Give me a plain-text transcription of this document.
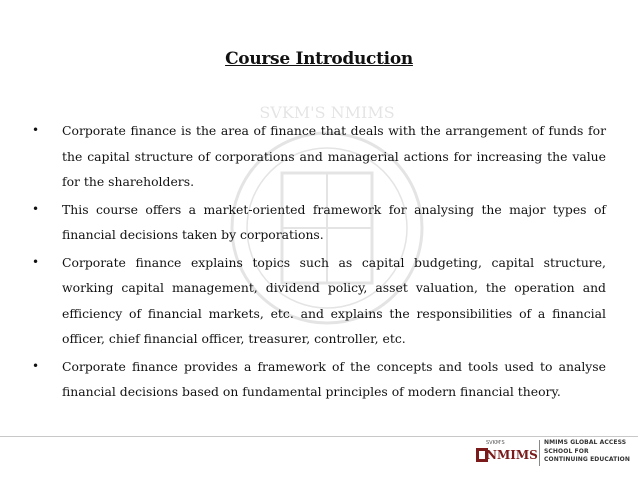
SVKM'S NMIMS
Course Introduction
• Corporate finance is the area of finance that deals with the arrangement of funds for the capital structure of corporations and managerial actions for increasing the value for the shareholders.
• This course offers a market-oriented framework for analysing the major types of financial decisions taken by corporations.
• Corporate finance explains topics such as capital budgeting, capital structure, working capital management, dividend policy, asset valuation, the operation and efficiency of financial markets, etc. and explains the responsibilities of a financial officer, chief financial officer, treasurer, controller, etc.
• Corporate finance provides a framework of the concepts and tools used to analyse financial decisions based on fundamental principles of modern financial theory.
SVKM'S
NMIMS
NMIMS GLOBAL ACCESS
SCHOOL FOR
CONTINUING EDUCATION
